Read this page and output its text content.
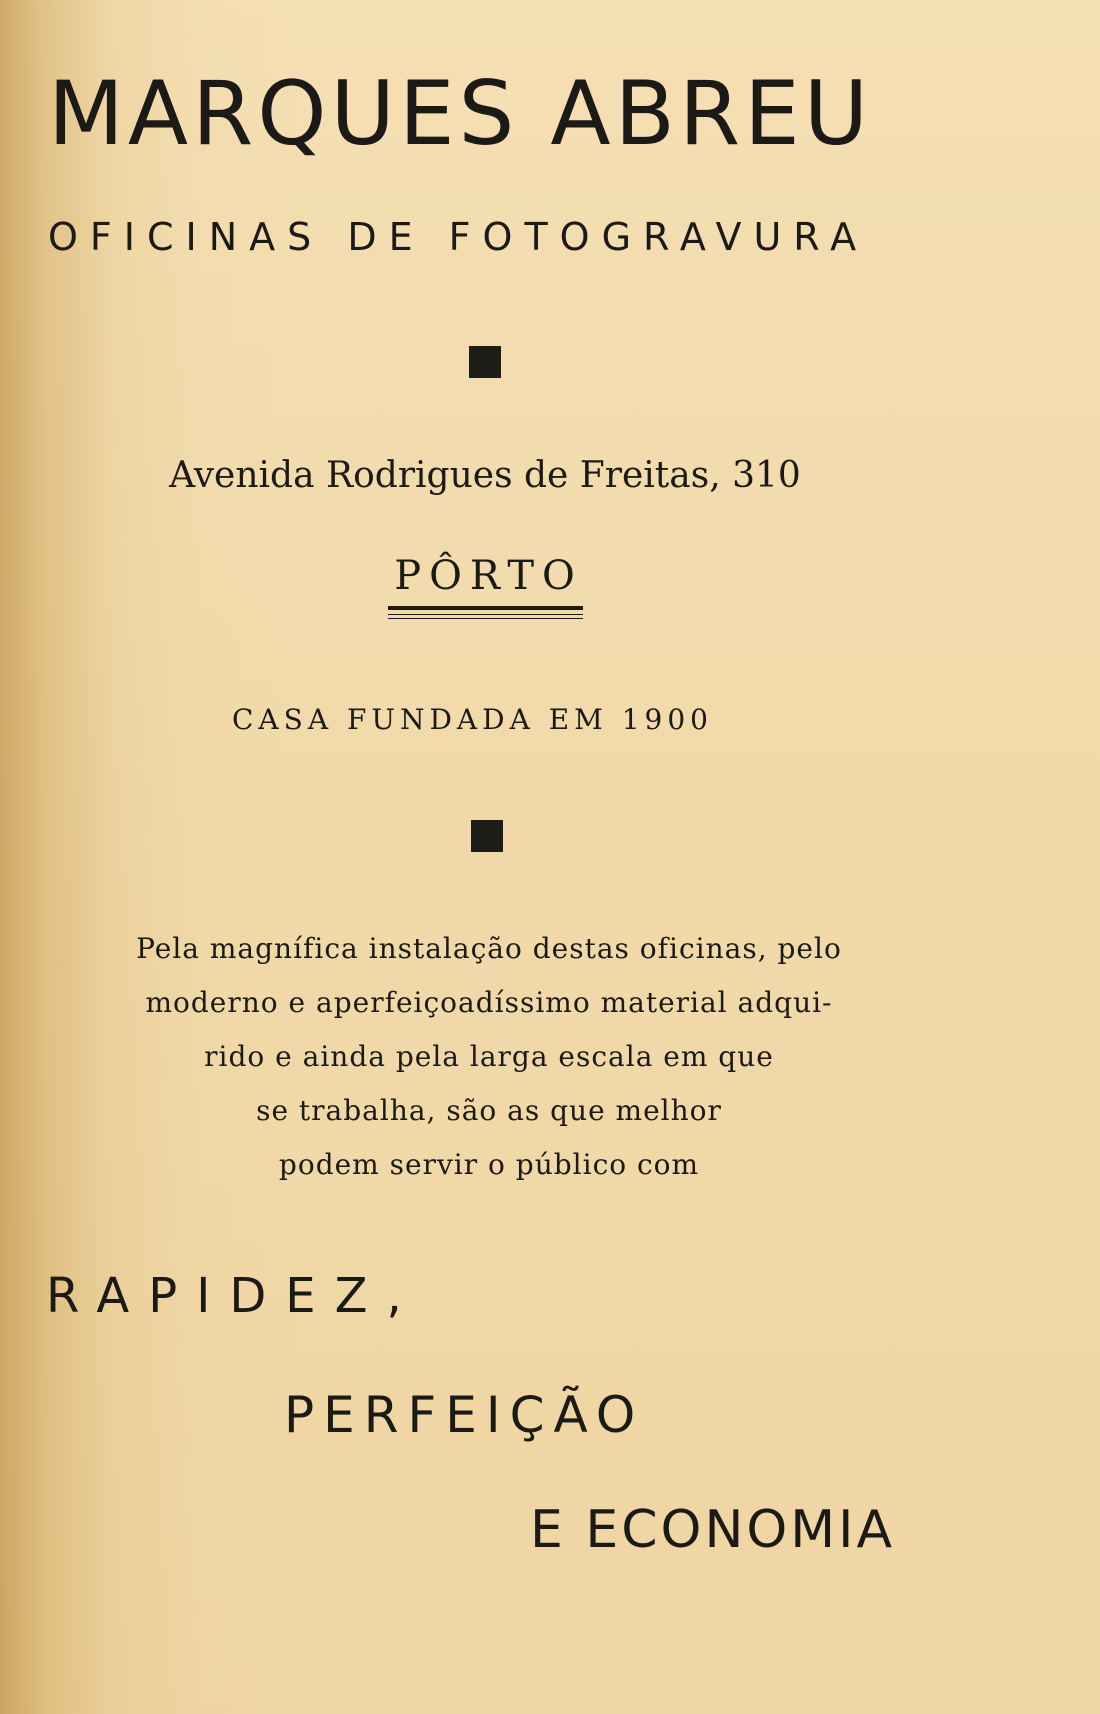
MARQUES ABREU
OFICINAS DE FOTOGRAVURA
Avenida Rodrigues de Freitas, 310
PÔRTO
CASA FUNDADA EM 1900
Pela magnífica instalação destas oficinas, pelo
moderno e aperfeiçoadíssimo material adqui-
rido e ainda pela larga escala em que
se trabalha, são as que melhor
podem servir o público com
RAPIDEZ,
PERFEIÇÃO
E ECONOMIA
